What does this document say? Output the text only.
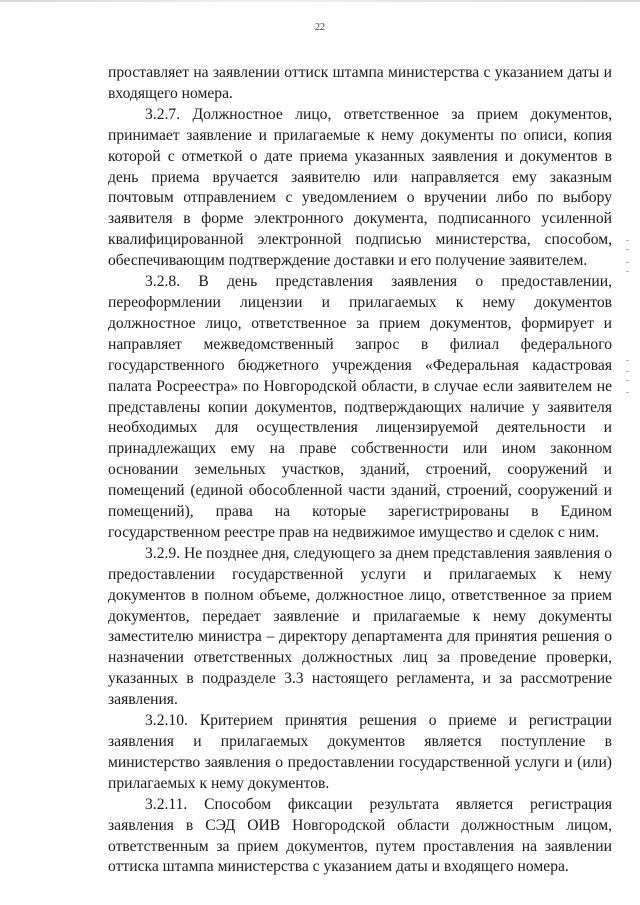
22

проставляет на заявлении оттиск штампа министерства с указанием даты и входящего номера.

3.2.7. Должностное лицо, ответственное за прием документов, принимает заявление и прилагаемые к нему документы по описи, копия которой с отметкой о дате приема указанных заявления и документов в день приема вручается заявителю или направляется ему заказным почтовым отправлением с уведомлением о вручении либо по выбору заявителя в форме электронного документа, подписанного усиленной квалифицированной электронной подписью министерства, способом, обеспечивающим подтверждение доставки и его получение заявителем.

3.2.8. В день представления заявления о предоставлении, переоформлении лицензии и прилагаемых к нему документов должностное лицо, ответственное за прием документов, формирует и направляет межведомственный запрос в филиал федерального государственного бюджетного учреждения «Федеральная кадастровая палата Росреестра» по Новгородской области, в случае если заявителем не представлены копии документов, подтверждающих наличие у заявителя необходимых для осуществления лицензируемой деятельности и принадлежащих ему на праве собственности или ином законном основании земельных участков, зданий, строений, сооружений и помещений (единой обособленной части зданий, строений, сооружений и помещений), права на которые зарегистрированы в Едином государственном реестре прав на недвижимое имущество и сделок с ним.

3.2.9. Не позднее дня, следующего за днем представления заявления о предоставлении государственной услуги и прилагаемых к нему документов в полном объеме, должностное лицо, ответственное за прием документов, передает заявление и прилагаемые к нему документы заместителю министра – директору департамента для принятия решения о назначении ответственных должностных лиц за проведение проверки, указанных в подразделе 3.3 настоящего регламента, и за рассмотрение заявления.

3.2.10. Критерием принятия решения о приеме и регистрации заявления и прилагаемых документов является поступление в министерство заявления о предоставлении государственной услуги и (или) прилагаемых к нему документов.

3.2.11. Способом фиксации результата является регистрация заявления в СЭД ОИВ Новгородской области должностным лицом, ответственным за прием документов, путем проставления на заявлении оттиска штампа министерства с указанием даты и входящего номера.
